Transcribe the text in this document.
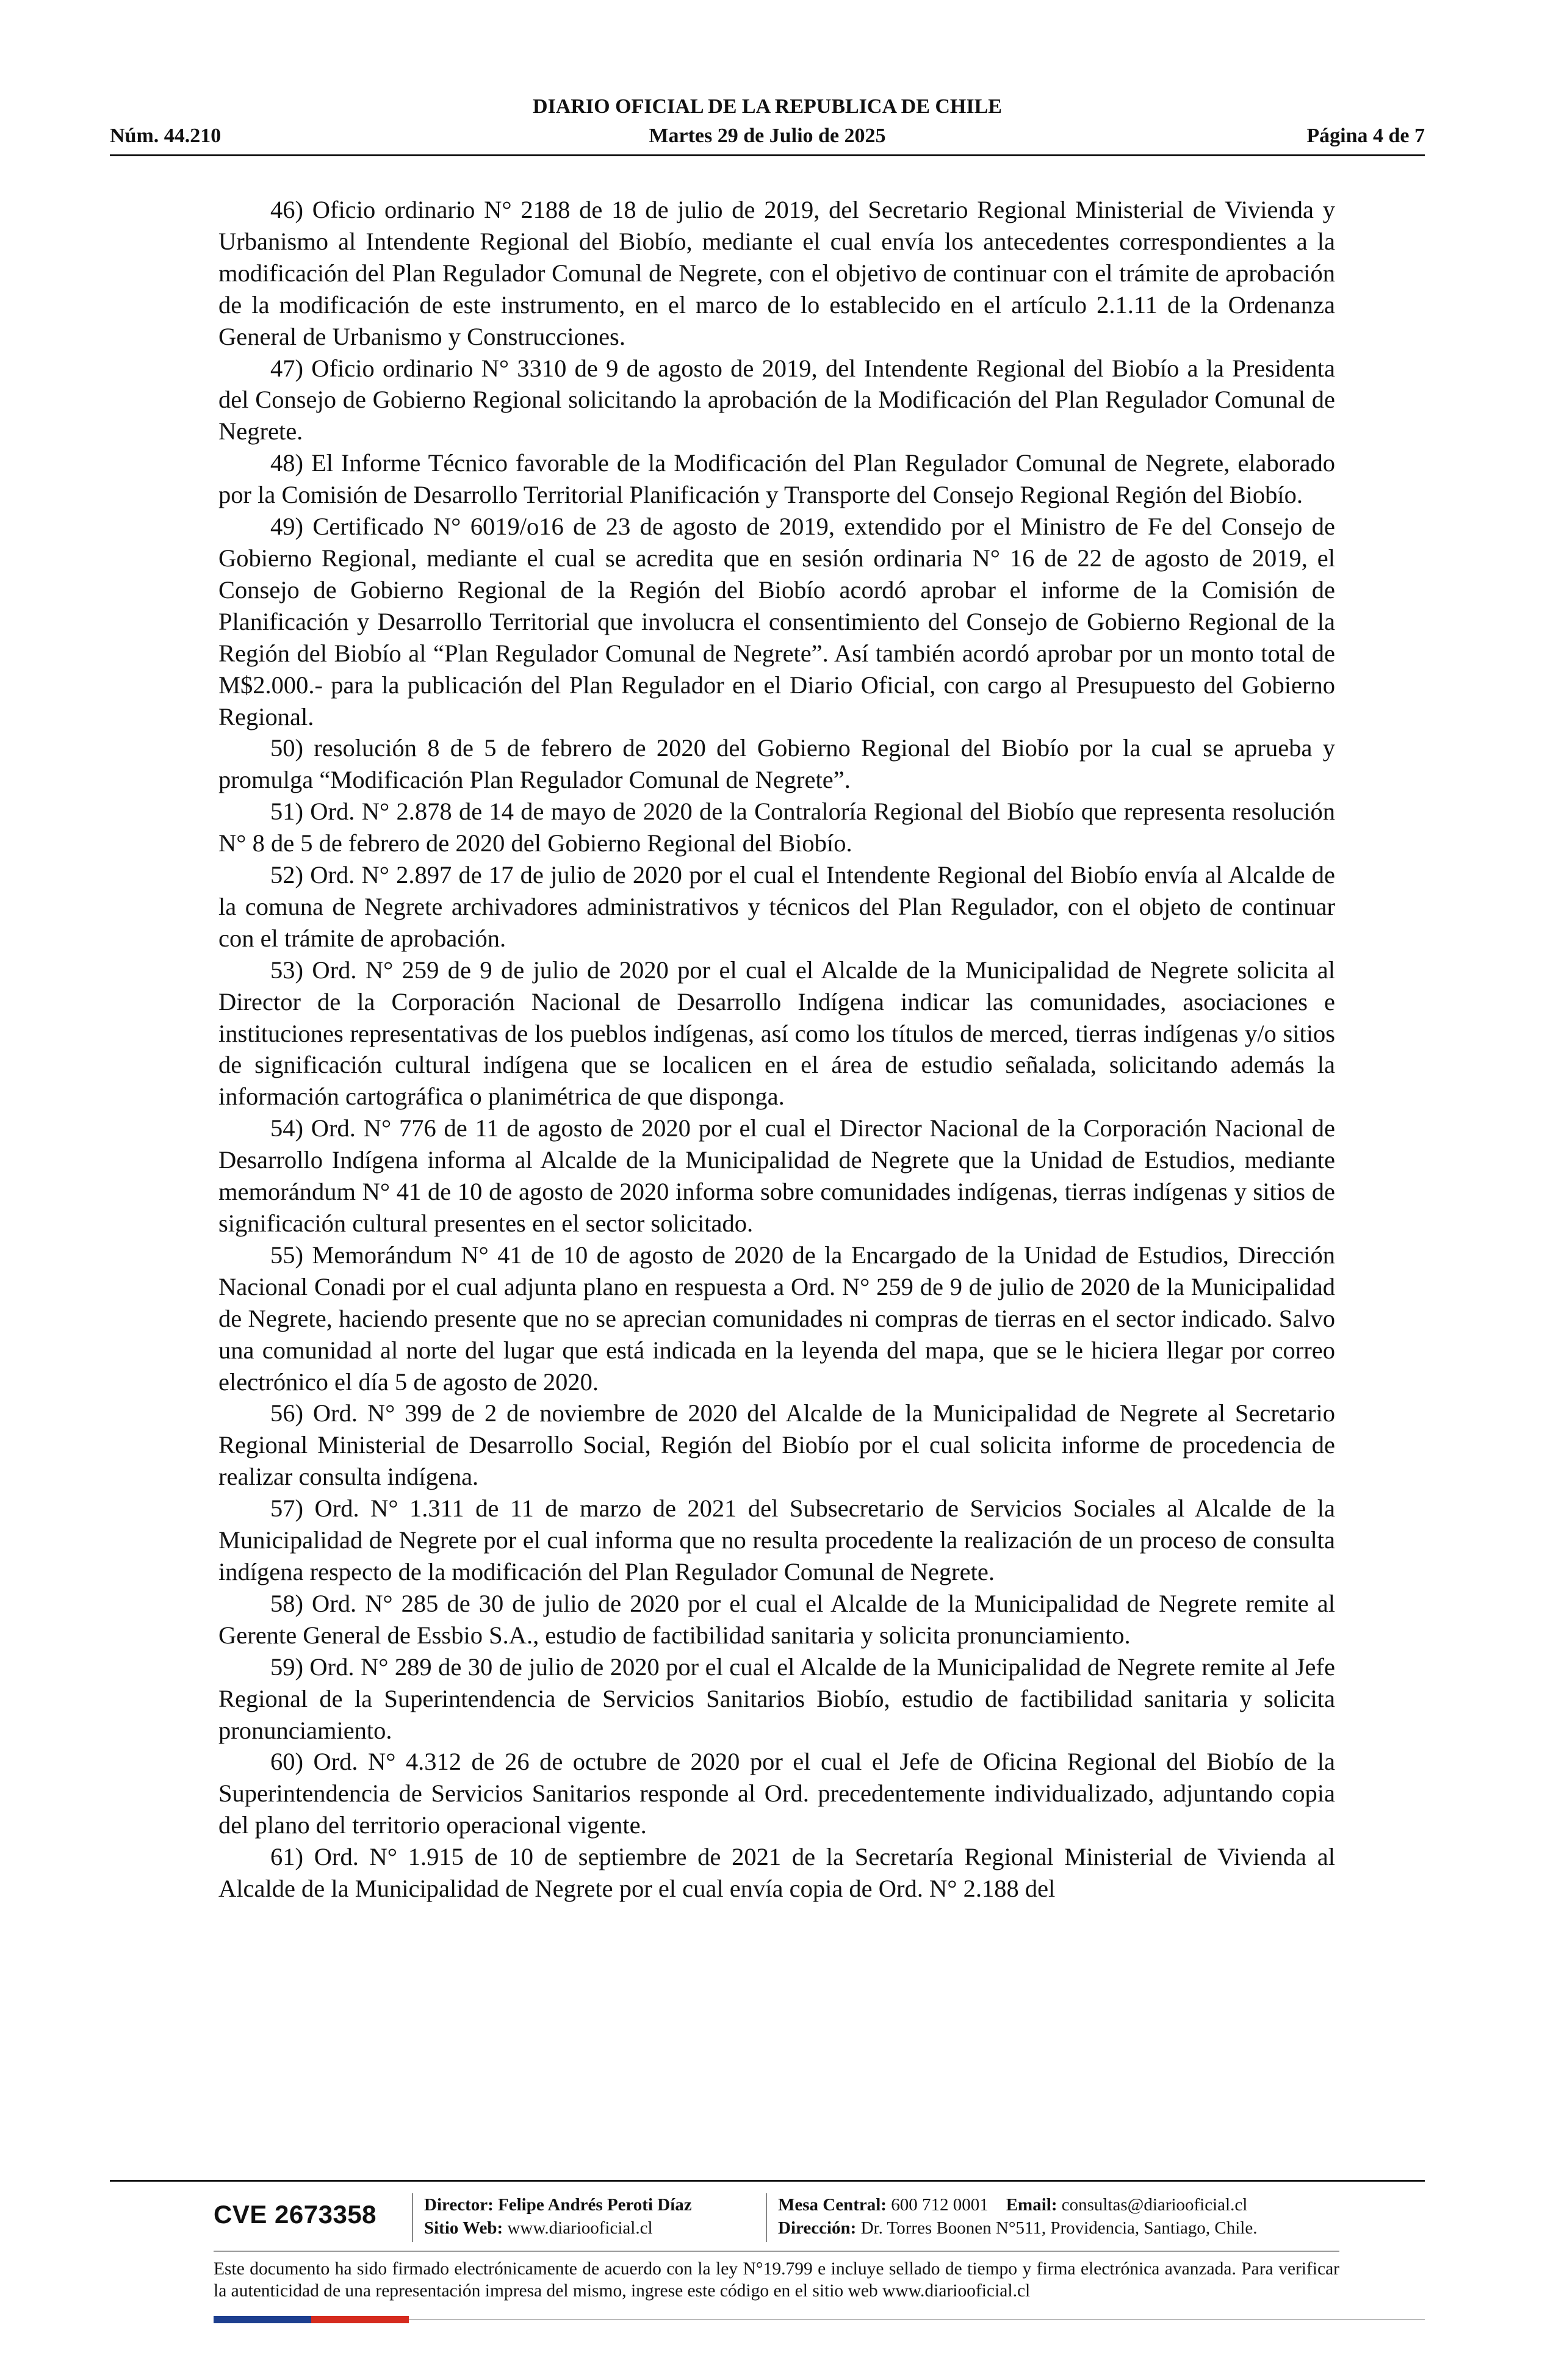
DIARIO OFICIAL DE LA REPUBLICA DE CHILE
Núm. 44.210	Martes 29 de Julio de 2025	Página 4 de 7

46) Oficio ordinario N° 2188 de 18 de julio de 2019, del Secretario Regional Ministerial de Vivienda y Urbanismo al Intendente Regional del Biobío, mediante el cual envía los antecedentes correspondientes a la modificación del Plan Regulador Comunal de Negrete, con el objetivo de continuar con el trámite de aprobación de la modificación de este instrumento, en el marco de lo establecido en el artículo 2.1.11 de la Ordenanza General de Urbanismo y Construcciones.

47) Oficio ordinario N° 3310 de 9 de agosto de 2019, del Intendente Regional del Biobío a la Presidenta del Consejo de Gobierno Regional solicitando la aprobación de la Modificación del Plan Regulador Comunal de Negrete.

48) El Informe Técnico favorable de la Modificación del Plan Regulador Comunal de Negrete, elaborado por la Comisión de Desarrollo Territorial Planificación y Transporte del Consejo Regional Región del Biobío.

49) Certificado N° 6019/o16 de 23 de agosto de 2019, extendido por el Ministro de Fe del Consejo de Gobierno Regional, mediante el cual se acredita que en sesión ordinaria N° 16 de 22 de agosto de 2019, el Consejo de Gobierno Regional de la Región del Biobío acordó aprobar el informe de la Comisión de Planificación y Desarrollo Territorial que involucra el consentimiento del Consejo de Gobierno Regional de la Región del Biobío al “Plan Regulador Comunal de Negrete”. Así también acordó aprobar por un monto total de M$2.000.- para la publicación del Plan Regulador en el Diario Oficial, con cargo al Presupuesto del Gobierno Regional.

50) resolución 8 de 5 de febrero de 2020 del Gobierno Regional del Biobío por la cual se aprueba y promulga “Modificación Plan Regulador Comunal de Negrete”.

51) Ord. N° 2.878 de 14 de mayo de 2020 de la Contraloría Regional del Biobío que representa resolución N° 8 de 5 de febrero de 2020 del Gobierno Regional del Biobío.

52) Ord. N° 2.897 de 17 de julio de 2020 por el cual el Intendente Regional del Biobío envía al Alcalde de la comuna de Negrete archivadores administrativos y técnicos del Plan Regulador, con el objeto de continuar con el trámite de aprobación.

53) Ord. N° 259 de 9 de julio de 2020 por el cual el Alcalde de la Municipalidad de Negrete solicita al Director de la Corporación Nacional de Desarrollo Indígena indicar las comunidades, asociaciones e instituciones representativas de los pueblos indígenas, así como los títulos de merced, tierras indígenas y/o sitios de significación cultural indígena que se localicen en el área de estudio señalada, solicitando además la información cartográfica o planimétrica de que disponga.

54) Ord. N° 776 de 11 de agosto de 2020 por el cual el Director Nacional de la Corporación Nacional de Desarrollo Indígena informa al Alcalde de la Municipalidad de Negrete que la Unidad de Estudios, mediante memorándum N° 41 de 10 de agosto de 2020 informa sobre comunidades indígenas, tierras indígenas y sitios de significación cultural presentes en el sector solicitado.

55) Memorándum N° 41 de 10 de agosto de 2020 de la Encargado de la Unidad de Estudios, Dirección Nacional Conadi por el cual adjunta plano en respuesta a Ord. N° 259 de 9 de julio de 2020 de la Municipalidad de Negrete, haciendo presente que no se aprecian comunidades ni compras de tierras en el sector indicado. Salvo una comunidad al norte del lugar que está indicada en la leyenda del mapa, que se le hiciera llegar por correo electrónico el día 5 de agosto de 2020.

56) Ord. N° 399 de 2 de noviembre de 2020 del Alcalde de la Municipalidad de Negrete al Secretario Regional Ministerial de Desarrollo Social, Región del Biobío por el cual solicita informe de procedencia de realizar consulta indígena.

57) Ord. N° 1.311 de 11 de marzo de 2021 del Subsecretario de Servicios Sociales al Alcalde de la Municipalidad de Negrete por el cual informa que no resulta procedente la realización de un proceso de consulta indígena respecto de la modificación del Plan Regulador Comunal de Negrete.

58) Ord. N° 285 de 30 de julio de 2020 por el cual el Alcalde de la Municipalidad de Negrete remite al Gerente General de Essbio S.A., estudio de factibilidad sanitaria y solicita pronunciamiento.

59) Ord. N° 289 de 30 de julio de 2020 por el cual el Alcalde de la Municipalidad de Negrete remite al Jefe Regional de la Superintendencia de Servicios Sanitarios Biobío, estudio de factibilidad sanitaria y solicita pronunciamiento.

60) Ord. N° 4.312 de 26 de octubre de 2020 por el cual el Jefe de Oficina Regional del Biobío de la Superintendencia de Servicios Sanitarios responde al Ord. precedentemente individualizado, adjuntando copia del plano del territorio operacional vigente.

61) Ord. N° 1.915 de 10 de septiembre de 2021 de la Secretaría Regional Ministerial de Vivienda al Alcalde de la Municipalidad de Negrete por el cual envía copia de Ord. N° 2.188 del

CVE 2673358	Director: Felipe Andrés Peroti Díaz
Sitio Web: www.diariooficial.cl
Mesa Central: 600 712 0001 Email: consultas@diariooficial.cl
Dirección: Dr. Torres Boonen N°511, Providencia, Santiago, Chile.
Este documento ha sido firmado electrónicamente de acuerdo con la ley N°19.799 e incluye sellado de tiempo y firma electrónica avanzada. Para verificar la autenticidad de una representación impresa del mismo, ingrese este código en el sitio web www.diariooficial.cl
